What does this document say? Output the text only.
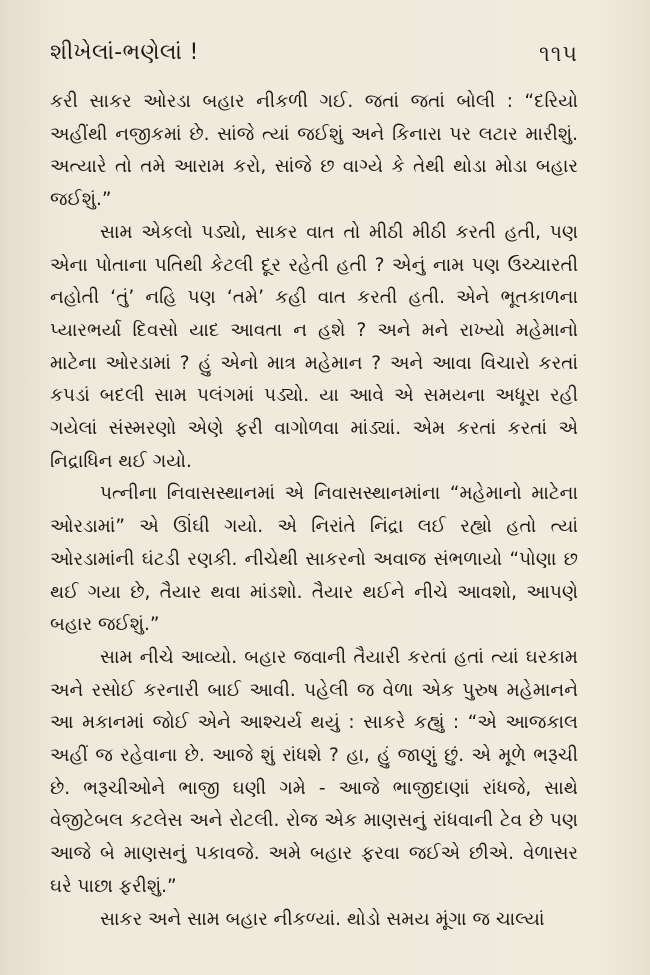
શીખેલાં-ભણેલાં !	૧૧૫

કરી સાકર ઓરડા બહાર નીકળી ગઈ. જતાં જતાં બોલી : “દરિયો અહીંથી નજીકમાં છે. સાંજે ત્યાં જઈશું અને કિનારા પર લટાર મારીશું. અત્યારે તો તમે આરામ કરો, સાંજે છ વાગ્યે કે તેથી થોડા મોડા બહાર જઈશું.”

સામ એકલો પડ્યો, સાકર વાત તો મીઠી મીઠી કરતી હતી, પણ એના પોતાના પતિથી કેટલી દૂર રહેતી હતી ? એનું નામ પણ ઉચ્ચારતી નહોતી ‘તું’ નહિ પણ ‘તમે’ કહી વાત કરતી હતી. એને ભૂતકાળના પ્યારભર્યા દિવસો યાદ આવતા ન હશે ? અને મને રાખ્યો મહેમાનો માટેના ઓરડામાં ? હું એનો માત્ર મહેમાન ? અને આવા વિચારો કરતાં કપડાં બદલી સામ પલંગમાં પડ્યો. યા આવે એ સમયના અધૂરા રહી ગયેલાં સંસ્મરણો એણે ફરી વાગોળવા માંડ્યાં. એમ કરતાં કરતાં એ નિદ્રાધિન થઈ ગયો.

પત્નીના નિવાસસ્થાનમાં એ નિવાસસ્થાનમાંના “મહેમાનો માટેના ઓરડામાં” એ ઊંઘી ગયો. એ નિરાંતે નિંદ્રા લઈ રહ્યો હતો ત્યાં ઓરડામાંની ઘંટડી રણકી. નીચેથી સાકરનો અવાજ સંભળાયો “પોણા છ થઈ ગયા છે, તૈયાર થવા માંડશો. તૈયાર થઈને નીચે આવશો, આપણે બહાર જઈશું.”

સામ નીચે આવ્યો. બહાર જવાની તૈયારી કરતાં હતાં ત્યાં ઘરકામ અને રસોઈ કરનારી બાઈ આવી. પહેલી જ વેળા એક પુરુષ મહેમાનને આ મકાનમાં જોઈ એને આશ્ચર્ય થયું : સાકરે કહ્યું : “એ આજકાલ અહીં જ રહેવાના છે. આજે શું રાંધશે ? હા, હું જાણું છું. એ મૂળે ભરૂચી છે. ભરૂચીઓને ભાજી ઘણી ગમે - આજે ભાજીદાણાં રાંધજે, સાથે વેજીટેબલ કટલેસ અને રોટલી. રોજ એક માણસનું રાંધવાની ટેવ છે પણ આજે બે માણસનું પકાવજે. અમે બહાર ફરવા જઈએ છીએ. વેળાસર ઘરે પાછા ફરીશું.”

સાકર અને સામ બહાર નીકળ્યાં. થોડો સમય મૂંગા જ ચાલ્યાં
